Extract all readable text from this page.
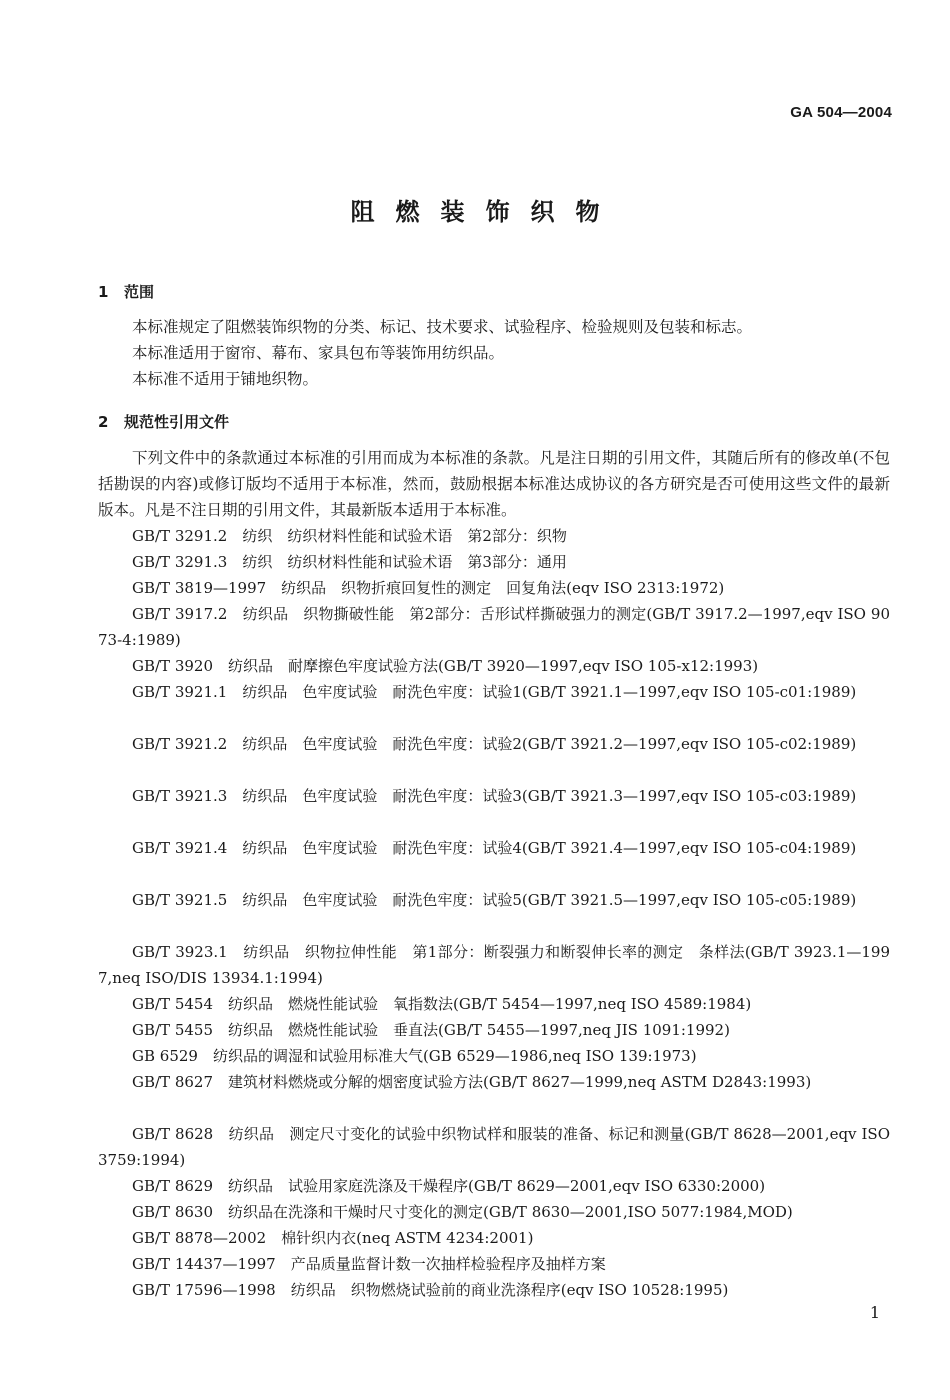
GA 504—2004
阻燃装饰织物
1 范围
本标准规定了阻燃装饰织物的分类、标记、技术要求、试验程序、检验规则及包装和标志。
本标准适用于窗帘、幕布、家具包布等装饰用纺织品。
本标准不适用于铺地织物。
2 规范性引用文件
下列文件中的条款通过本标准的引用而成为本标准的条款。凡是注日期的引用文件，其随后所有的修改单(不包括勘误的内容)或修订版均不适用于本标准，然而，鼓励根据本标准达成协议的各方研究是否可使用这些文件的最新版本。凡是不注日期的引用文件，其最新版本适用于本标准。
GB/T 3291.2　纺织　纺织材料性能和试验术语　第2部分：织物
GB/T 3291.3　纺织　纺织材料性能和试验术语　第3部分：通用
GB/T 3819—1997　纺织品　织物折痕回复性的测定　回复角法(eqv ISO 2313:1972)
GB/T 3917.2　纺织品　织物撕破性能　第2部分：舌形试样撕破强力的测定(GB/T 3917.2—1997,eqv ISO 9073-4:1989)
GB/T 3920　纺织品　耐摩擦色牢度试验方法(GB/T 3920—1997,eqv ISO 105-x12:1993)
GB/T 3921.1　纺织品　色牢度试验　耐洗色牢度：试验1(GB/T 3921.1—1997,eqv ISO 105-c01:1989)
GB/T 3921.2　纺织品　色牢度试验　耐洗色牢度：试验2(GB/T 3921.2—1997,eqv ISO 105-c02:1989)
GB/T 3921.3　纺织品　色牢度试验　耐洗色牢度：试验3(GB/T 3921.3—1997,eqv ISO 105-c03:1989)
GB/T 3921.4　纺织品　色牢度试验　耐洗色牢度：试验4(GB/T 3921.4—1997,eqv ISO 105-c04:1989)
GB/T 3921.5　纺织品　色牢度试验　耐洗色牢度：试验5(GB/T 3921.5—1997,eqv ISO 105-c05:1989)
GB/T 3923.1　纺织品　织物拉伸性能　第1部分：断裂强力和断裂伸长率的测定　条样法(GB/T 3923.1—1997,neq ISO/DIS 13934.1:1994)
GB/T 5454　纺织品　燃烧性能试验　氧指数法(GB/T 5454—1997,neq ISO 4589:1984)
GB/T 5455　纺织品　燃烧性能试验　垂直法(GB/T 5455—1997,neq JIS 1091:1992)
GB 6529　纺织品的调湿和试验用标准大气(GB 6529—1986,neq ISO 139:1973)
GB/T 8627　建筑材料燃烧或分解的烟密度试验方法(GB/T 8627—1999,neq ASTM D2843:1993)
GB/T 8628　纺织品　测定尺寸变化的试验中织物试样和服装的准备、标记和测量(GB/T 8628—2001,eqv ISO 3759:1994)
GB/T 8629　纺织品　试验用家庭洗涤及干燥程序(GB/T 8629—2001,eqv ISO 6330:2000)
GB/T 8630　纺织品在洗涤和干燥时尺寸变化的测定(GB/T 8630—2001,ISO 5077:1984,MOD)
GB/T 8878—2002　棉针织内衣(neq ASTM 4234:2001)
GB/T 14437—1997　产品质量监督计数一次抽样检验程序及抽样方案
GB/T 17596—1998　纺织品　织物燃烧试验前的商业洗涤程序(eqv ISO 10528:1995)
1
